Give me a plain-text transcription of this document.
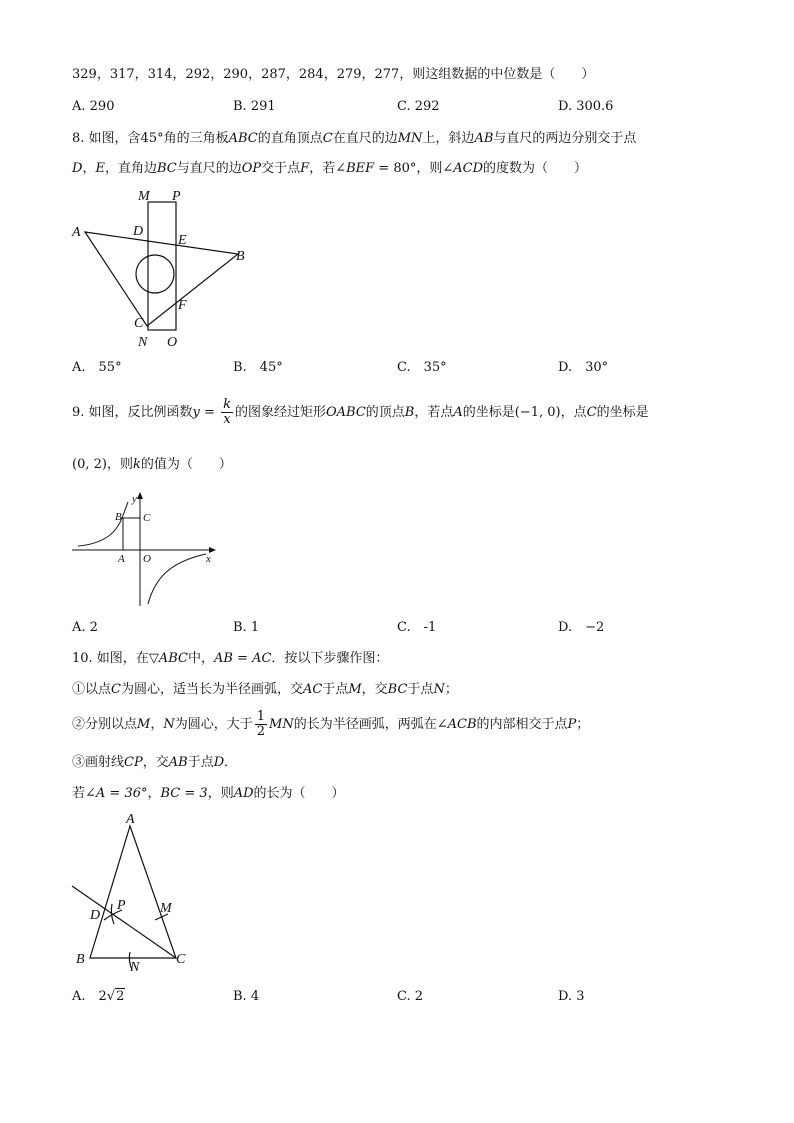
329，317，314，292，290，287，284，279，277，则这组数据的中位数是（　　）
A. 290	B. 291	C. 292	D. 300.6
8. 如图，含45°角的三角板ABC的直角顶点C在直尺的边MN上，斜边AB与直尺的两边分别交于点
D，E，直角边BC与直尺的边OP交于点F，若∠BEF = 80°，则∠ACD的度数为（　　）
M P
A	D
E
B
F
C
N O
A.　55°	B.　45°	C.　35°	D.　30°
9. 如图，反比例函数$y = \frac{k}{x}$ 的图象经过矩形OABC的顶点B，若点A的坐标是(−1, 0)，点C的坐标是
(0, 2)，则k的值为（　　）
y
B C
A O	x
A. 2	B. 1	C.　-1	D.　−2
10. 如图，在▽ABC中，AB = AC．按以下步骤作图：
①以点C为圆心，适当长为半径画弧，交AC于点M，交BC于点N；
②分别以点M，N为圆心，大于 $\frac{1}{2}$ MN的长为半径画弧，两弧在∠ACB的内部相交于点P；
③画射线CP，交AB于点D．
若∠A = 36°，BC = 3，则AD的长为（　　）
A
M
D
P
B
N
C
A.　2√2	B. 4	C. 2	D. 3
